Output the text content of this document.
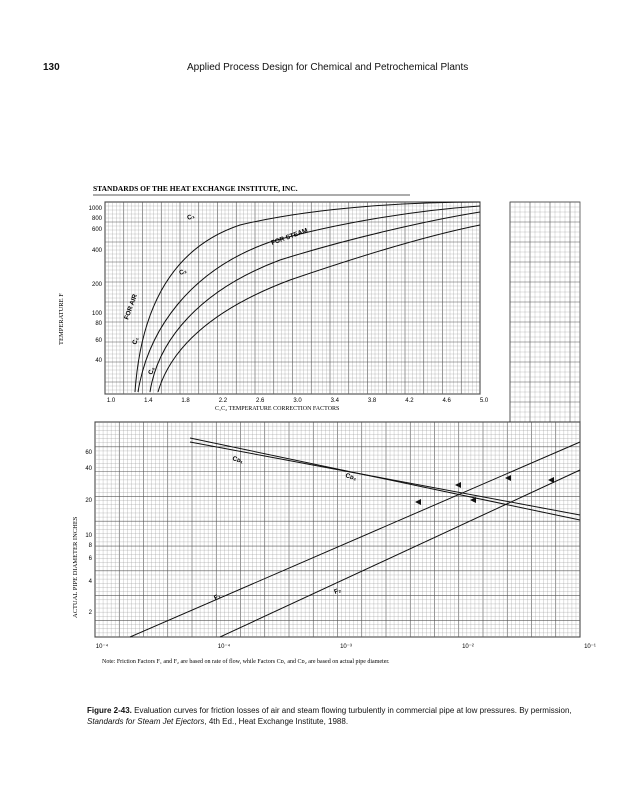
130	Applied Process Design for Chemical and Petrochemical Plants
STANDARDS OF THE HEAT EXCHANGE INSTITUTE, INC.
C₁
C₂
FOR STEAM
FOR AIR
C₁
C₂
TEMPERATURE F
1000
800
600
400
200
100
80
60
40
1.0	1.4	1.8	2.2	2.6	3.0	3.4	3.8	4.2	4.6	5.0
C₁C₂ TEMPERATURE CORRECTION FACTORS
Cᴅ₁
Cᴅ₂
F₁
F₂
ACTUAL PIPE DIAMETER INCHES
60
40
20
10
8
6
4
2
10⁻⁴	10⁻⁴	10⁻³	10⁻²	10⁻¹
Note: Friction Factors F₁ and F₂ are based on rate of flow, while Factors Cᴅ₁ and Cᴅ₂ are based on actual pipe diameter.
Figure 2-43. Evaluation curves for friction losses of air and steam flowing turbulently in commercial pipe at low pressures. By permission, Standards for Steam Jet Ejectors, 4th Ed., Heat Exchange Institute, 1988.
